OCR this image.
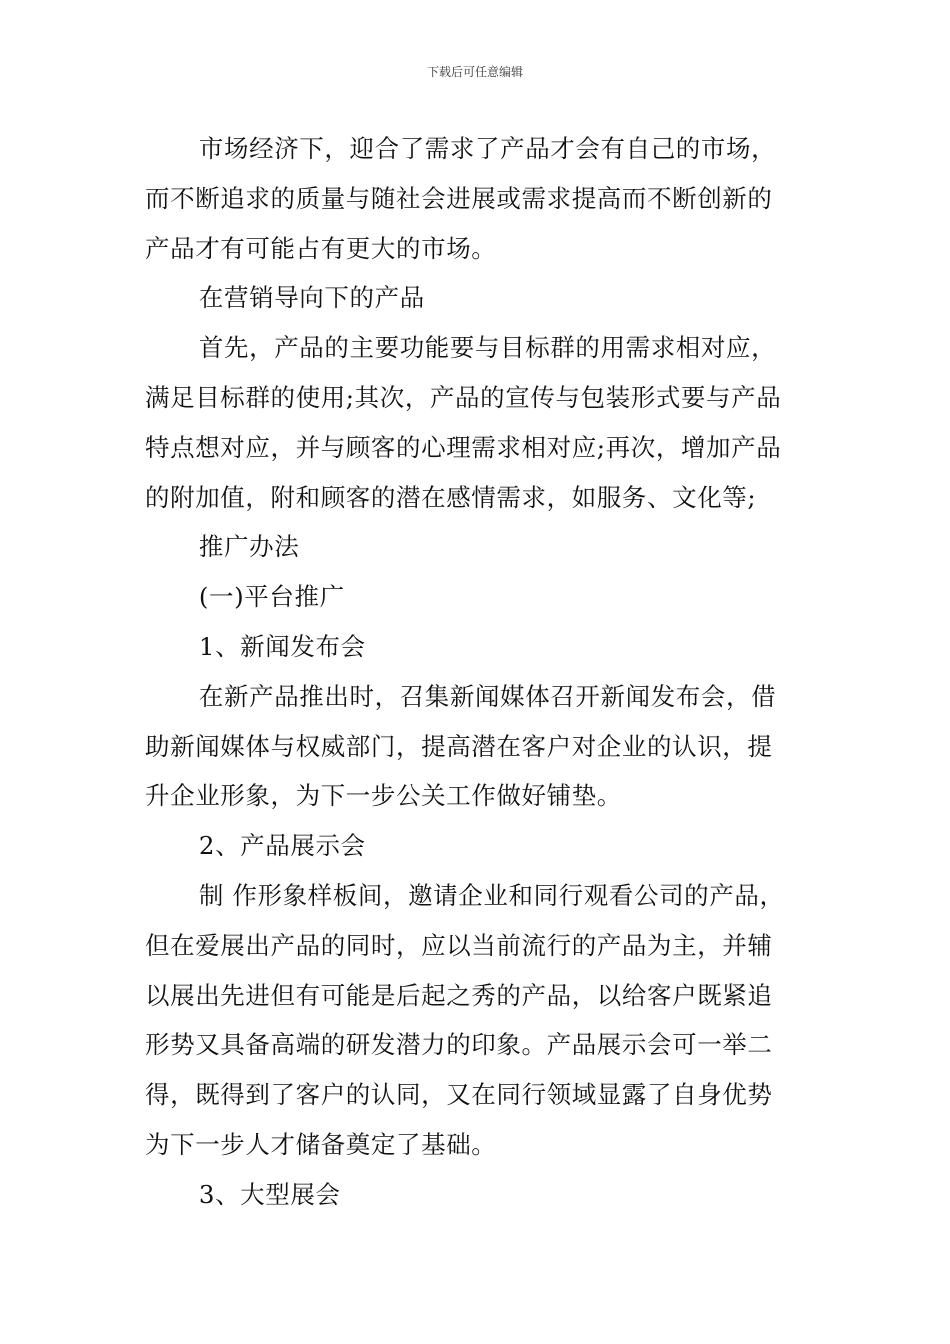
下载后可任意编辑
市场经济下，迎合了需求了产品才会有自己的市场，
而不断追求的质量与随社会进展或需求提高而不断创新的
产品才有可能占有更大的市场。
在营销导向下的产品
首先，产品的主要功能要与目标群的用需求相对应，
满足目标群的使用;其次，产品的宣传与包装形式要与产品
特点想对应，并与顾客的心理需求相对应;再次，增加产品
的附加值，附和顾客的潜在感情需求，如服务、文化等;
推广办法
(一)平台推广
1、新闻发布会
在新产品推出时，召集新闻媒体召开新闻发布会，借
助新闻媒体与权威部门，提高潜在客户对企业的认识，提
升企业形象，为下一步公关工作做好铺垫。
2、产品展示会
制 作形象样板间，邀请企业和同行观看公司的产品，
但在爱展出产品的同时，应以当前流行的产品为主，并辅
以展出先进但有可能是后起之秀的产品，以给客户既紧追
形势又具备高端的研发潜力的印象。产品展示会可一举二
得，既得到了客户的认同，又在同行领域显露了自身优势
为下一步人才储备奠定了基础。
3、大型展会
